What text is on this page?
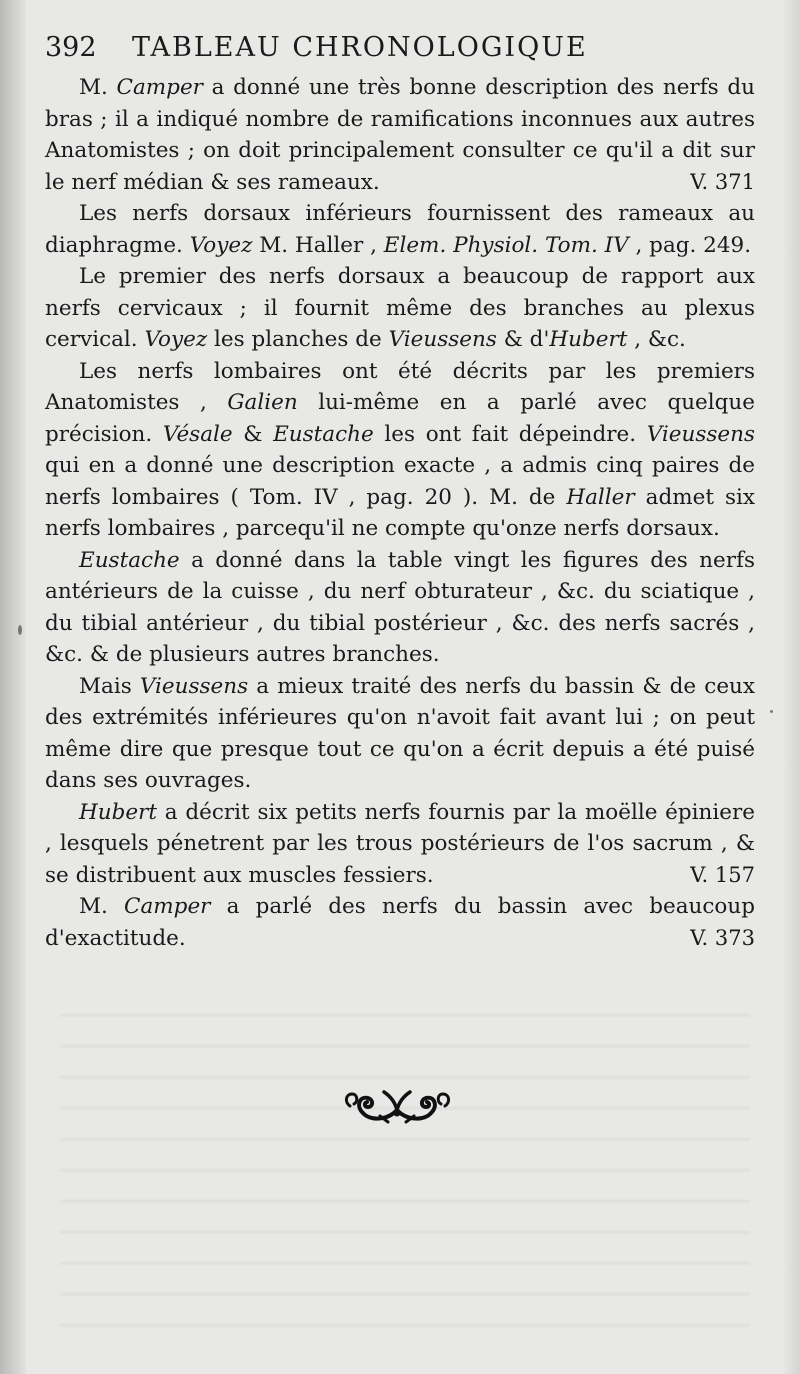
392 TABLEAU CHRONOLOGIQUE

M. Camper a donné une très bonne description des nerfs du bras ; il a indiqué nombre de ramifications inconnues aux autres Anatomistes ; on doit principalement consulter ce qu'il a dit sur le nerf médian & ses rameaux.	V. 371

Les nerfs dorsaux inférieurs fournissent des rameaux au diaphragme. Voyez M. Haller , Elem. Physiol. Tom. IV , pag. 249.

Le premier des nerfs dorsaux a beaucoup de rapport aux nerfs cervicaux ; il fournit même des branches au plexus cervical. Voyez les planches de Vieussens & d'Hubert , &c.

Les nerfs lombaires ont été décrits par les premiers Anatomistes , Galien lui-même en a parlé avec quelque précision. Vésale & Eustache les ont fait dépeindre. Vieussens qui en a donné une description exacte , a admis cinq paires de nerfs lombaires ( Tom. IV , pag. 20 ). M. de Haller admet six nerfs lombaires , parcequ'il ne compte qu'onze nerfs dorsaux.

Eustache a donné dans la table vingt les figures des nerfs antérieurs de la cuisse , du nerf obturateur , &c. du sciatique , du tibial antérieur , du tibial postérieur , &c. des nerfs sacrés , &c. & de plusieurs autres branches.

Mais Vieussens a mieux traité des nerfs du bassin & de ceux des extrémités inférieures qu'on n'avoit fait avant lui ; on peut même dire que presque tout ce qu'on a écrit depuis a été puisé dans ses ouvrages.

Hubert a décrit six petits nerfs fournis par la moëlle épiniere , lesquels pénetrent par les trous postérieurs de l'os sacrum , & se distribuent aux muscles fessiers.	V. 157

M. Camper a parlé des nerfs du bassin avec beaucoup d'exactitude.	V. 373
